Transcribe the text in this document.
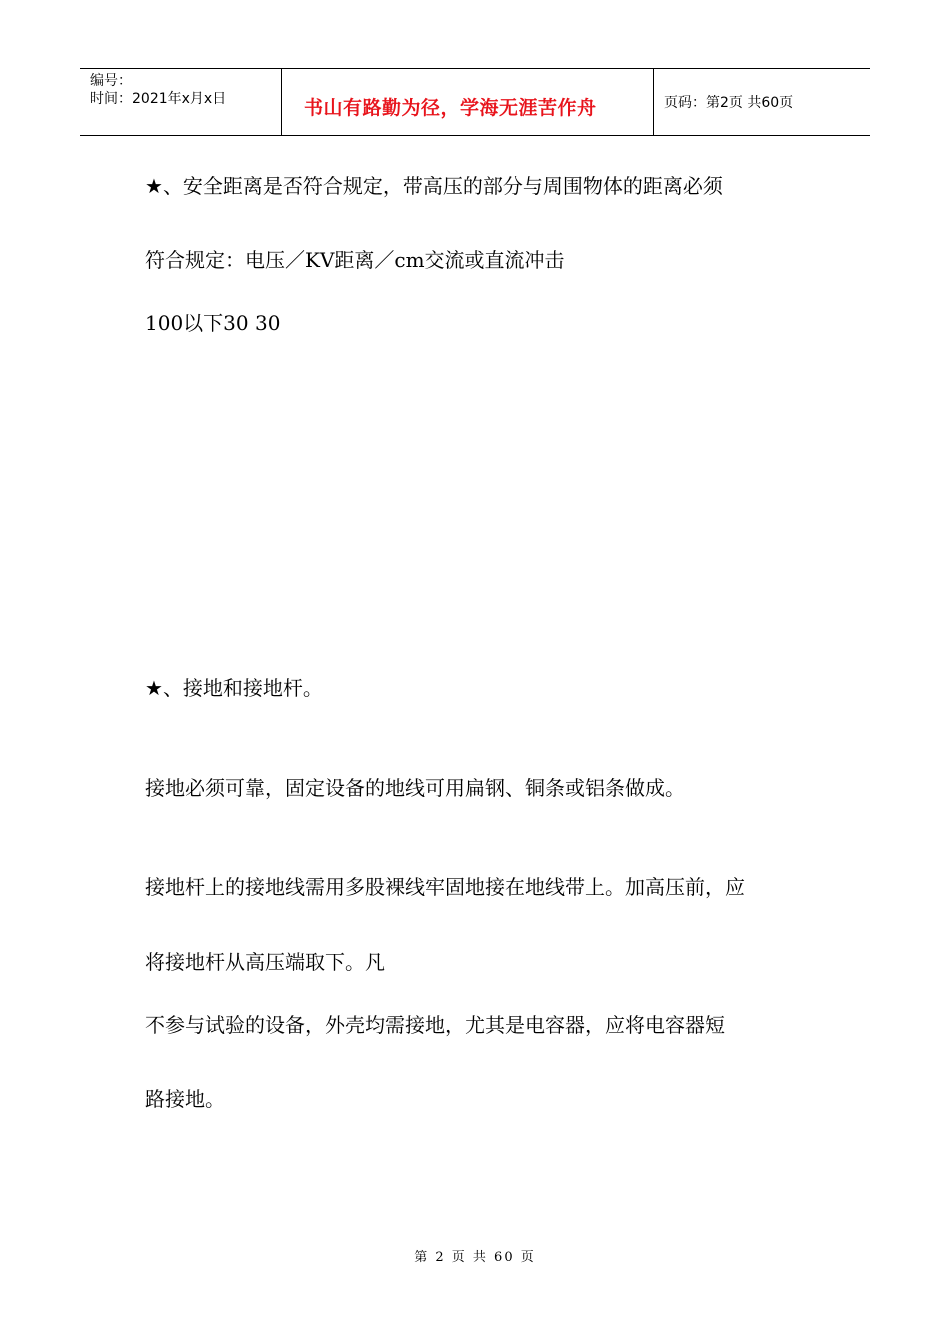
编号：
时间：2021年x月x日	书山有路勤为径，学海无涯苦作舟	页码：第2页 共60页
★、安全距离是否符合规定，带高压的部分与周围物体的距离必须
符合规定：电压／KV距离／cm交流或直流冲击
100以下30 30
★、接地和接地杆。
接地必须可靠，固定设备的地线可用扁钢、铜条或铝条做成。
接地杆上的接地线需用多股裸线牢固地接在地线带上。加高压前，应
将接地杆从高压端取下。凡
不参与试验的设备，外壳均需接地，尤其是电容器，应将电容器短
路接地。
第 2 页 共 60 页
